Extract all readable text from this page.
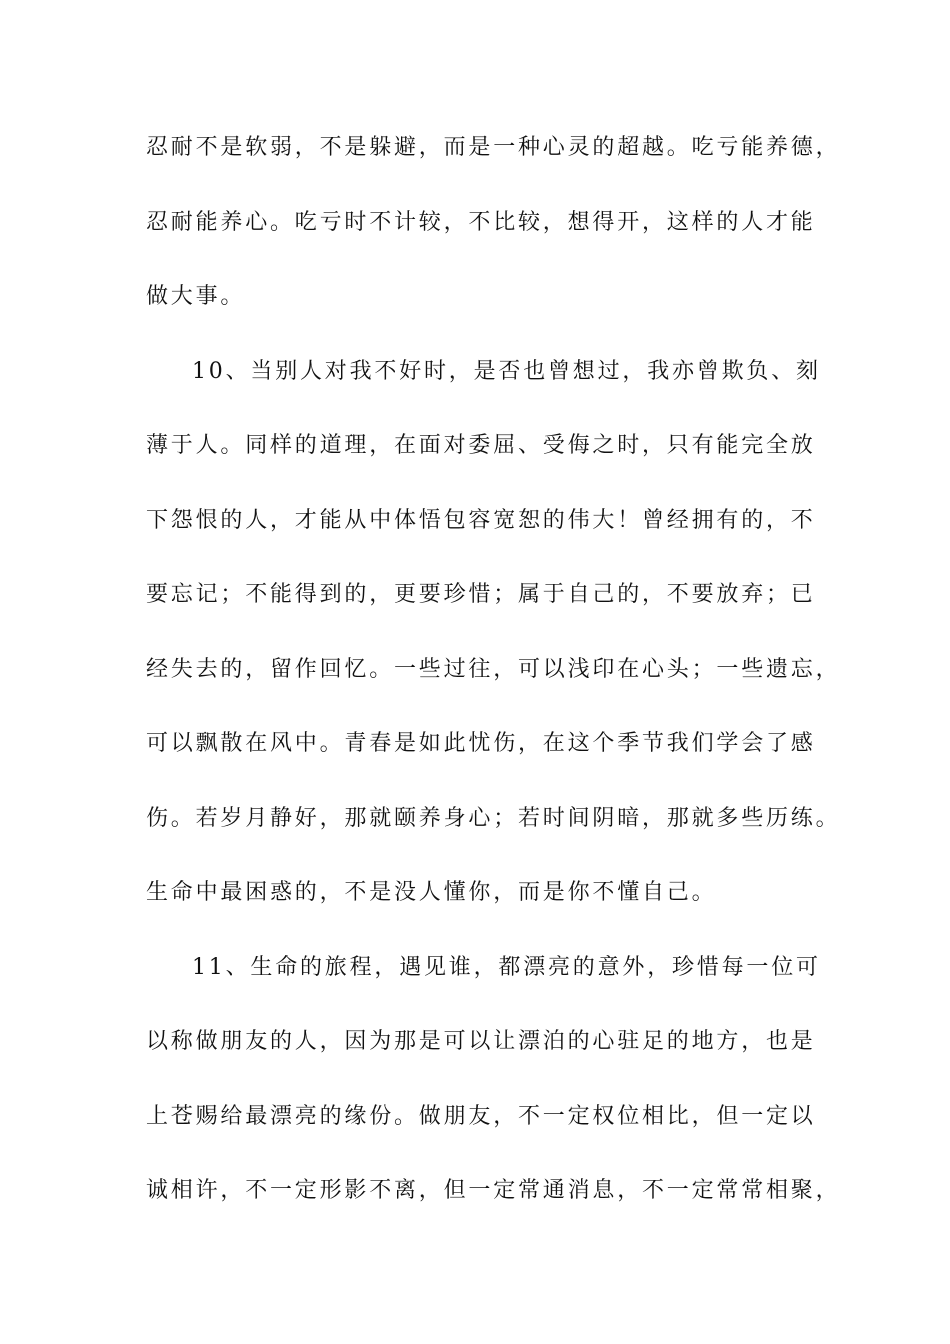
忍耐不是软弱，不是躲避，而是一种心灵的超越。吃亏能养德，
忍耐能养心。吃亏时不计较，不比较，想得开，这样的人才能
做大事。
10、当别人对我不好时，是否也曾想过，我亦曾欺负、刻
薄于人。同样的道理，在面对委屈、受侮之时，只有能完全放
下怨恨的人，才能从中体悟包容宽恕的伟大！曾经拥有的，不
要忘记；不能得到的，更要珍惜；属于自己的，不要放弃；已
经失去的，留作回忆。一些过往，可以浅印在心头；一些遗忘，
可以飘散在风中。青春是如此忧伤，在这个季节我们学会了感
伤。若岁月静好，那就颐养身心；若时间阴暗，那就多些历练。
生命中最困惑的，不是没人懂你，而是你不懂自己。
11、生命的旅程，遇见谁，都漂亮的意外，珍惜每一位可
以称做朋友的人，因为那是可以让漂泊的心驻足的地方，也是
上苍赐给最漂亮的缘份。做朋友，不一定权位相比，但一定以
诚相许，不一定形影不离，但一定常通消息，不一定常常相聚，
